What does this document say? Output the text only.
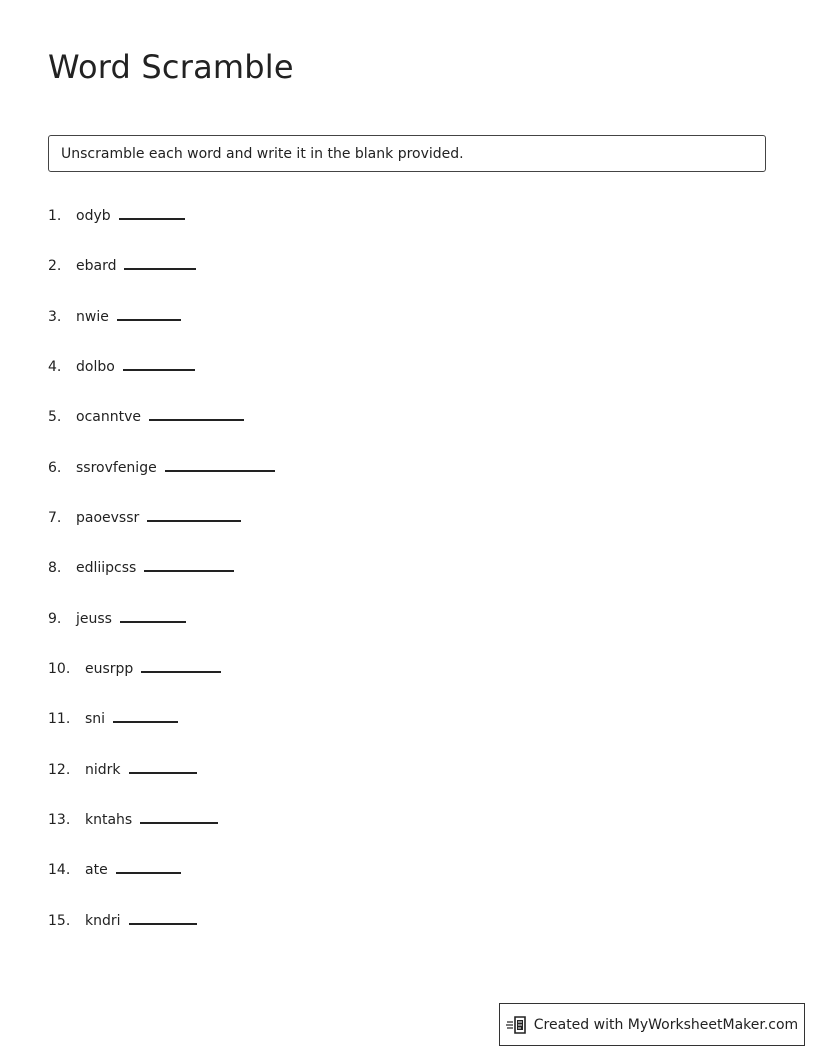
Word Scramble
Unscramble each word and write it in the blank provided.
1.	odyb
2.	ebard
3.	nwie
4.	dolbo
5.	ocanntve
6.	ssrovfenige
7.	paoevssr
8.	edliipcss
9.	jeuss
10.	eusrpp
11.	sni
12.	nidrk
13.	kntahs
14.	ate
15.	kndri
Created with MyWorksheetMaker.com
